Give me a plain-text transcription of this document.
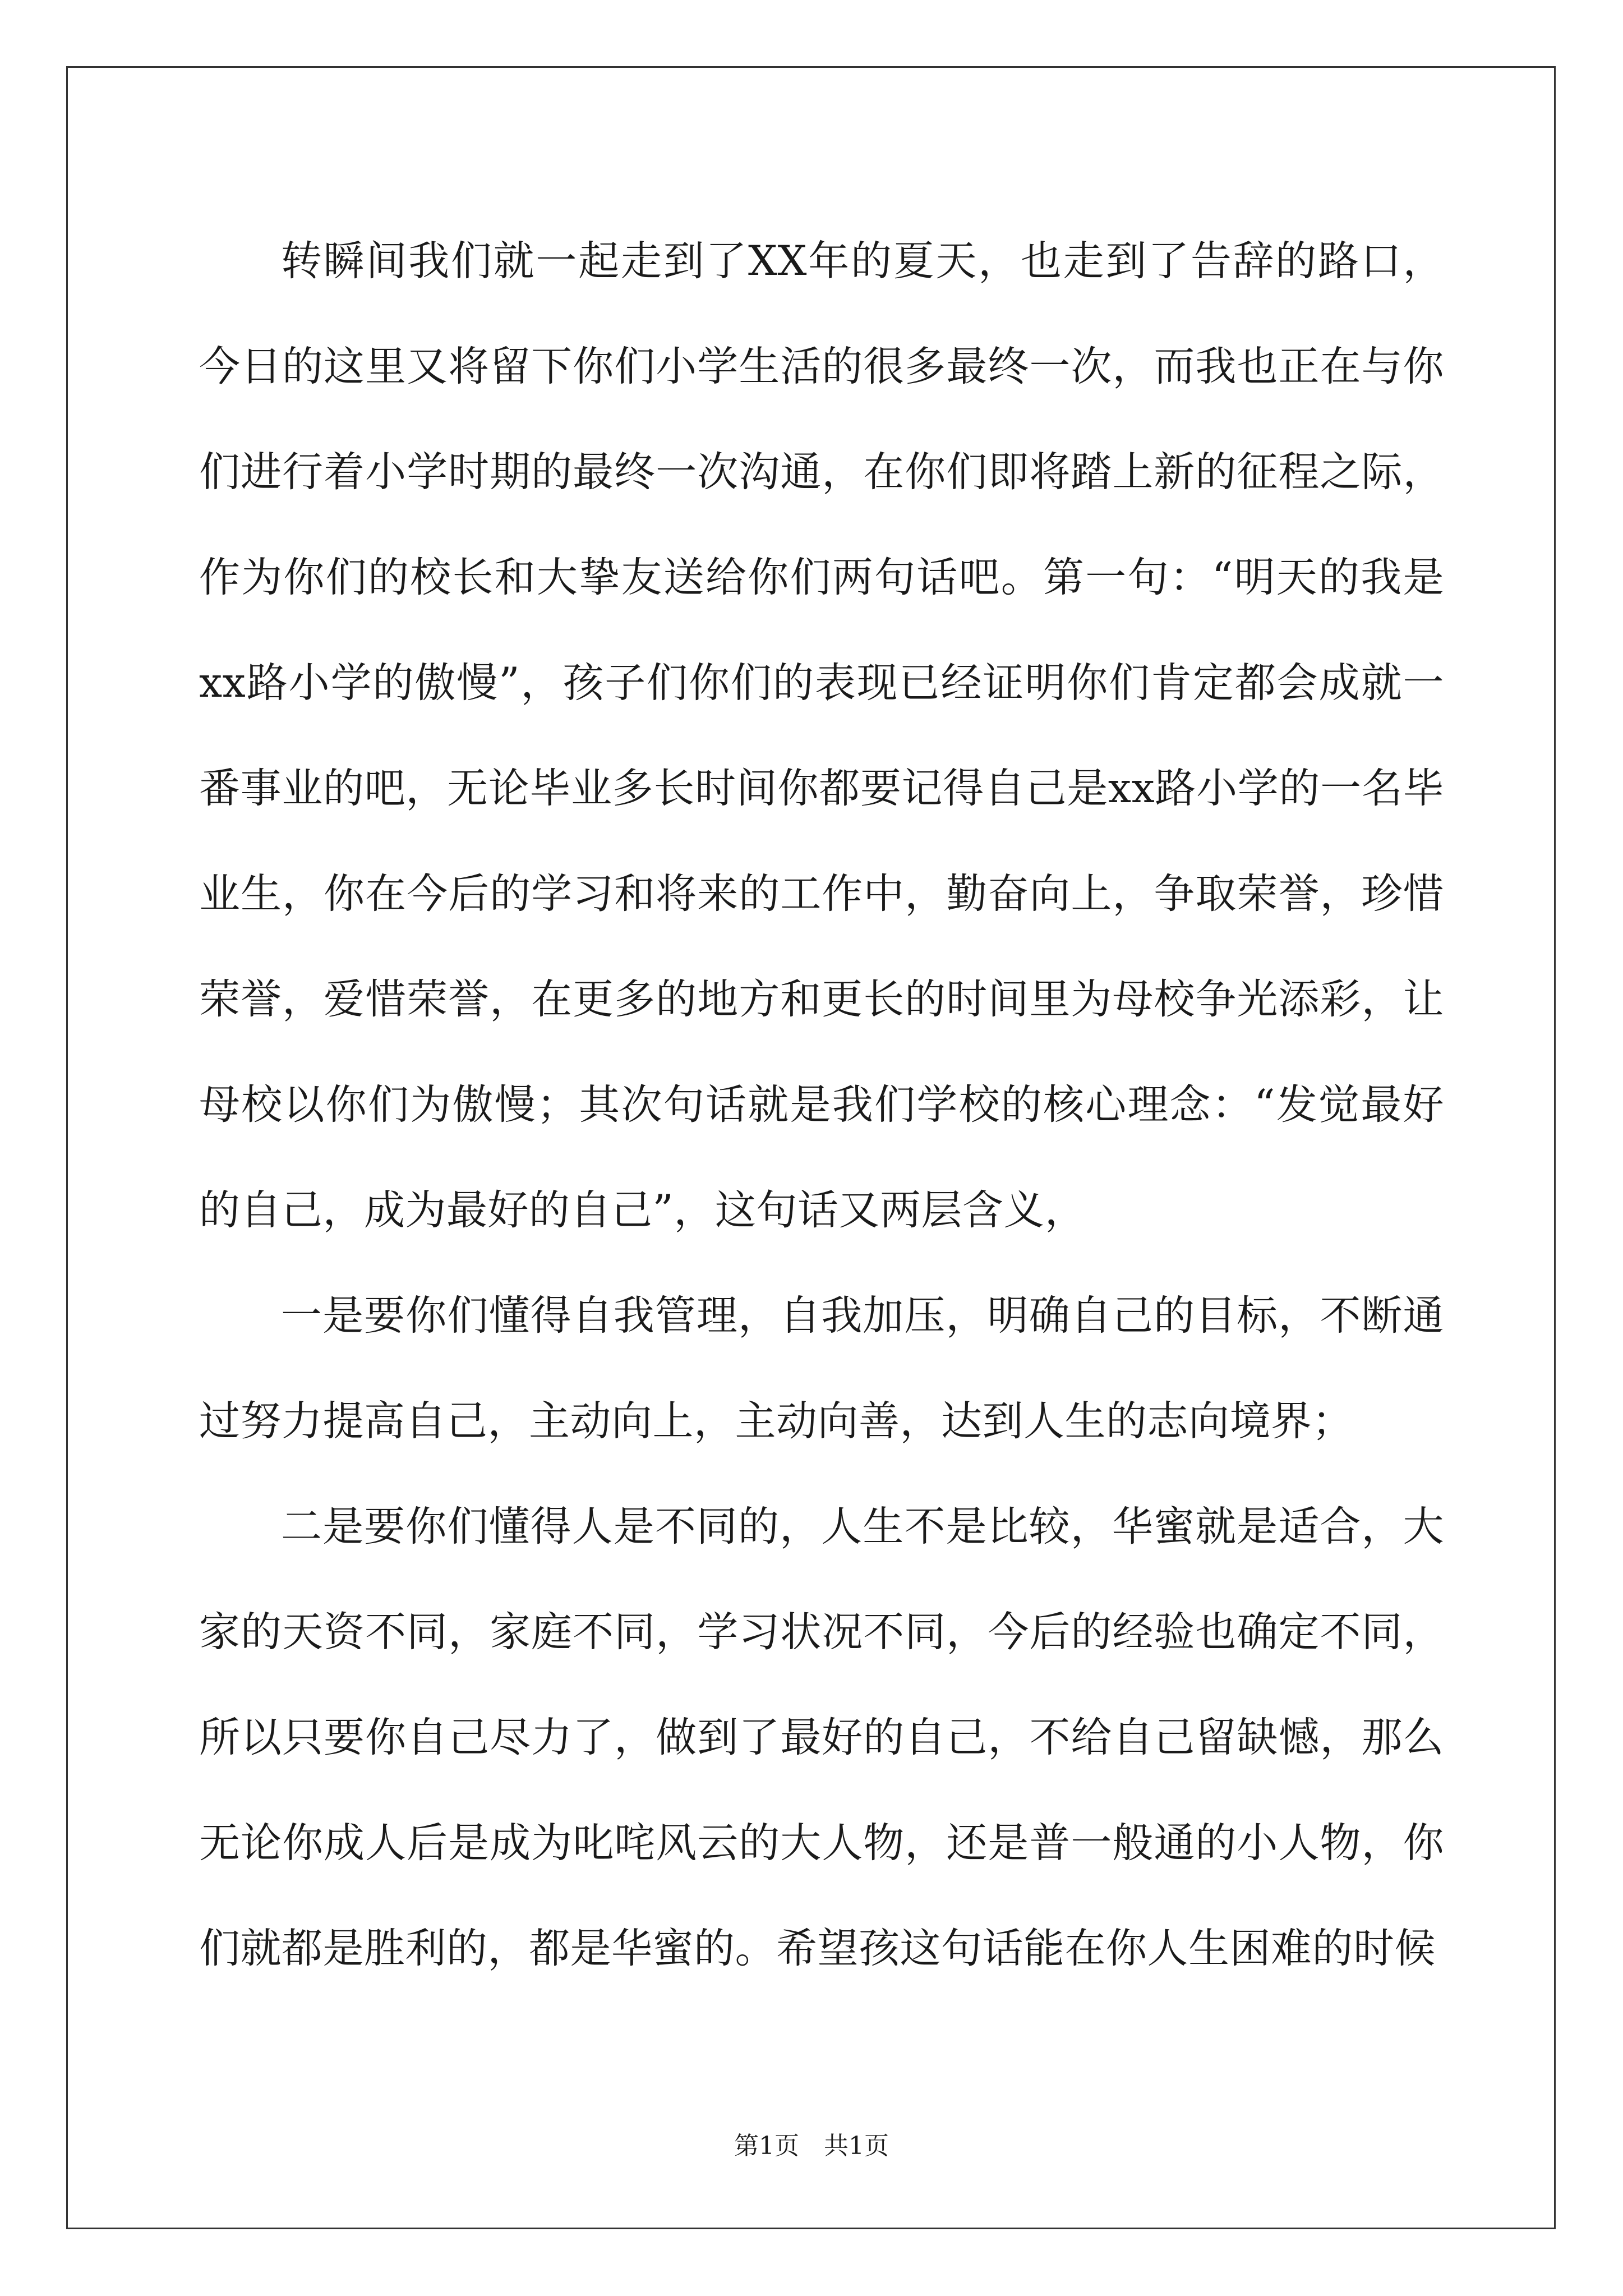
转瞬间我们就一起走到了XX年的夏天，也走到了告辞的路口，今日的这里又将留下你们小学生活的很多最终一次，而我也正在与你们进行着小学时期的最终一次沟通，在你们即将踏上新的征程之际，作为你们的校长和大挚友送给你们两句话吧。第一句：“明天的我是xx路小学的傲慢”，孩子们你们的表现已经证明你们肯定都会成就一番事业的吧，无论毕业多长时间你都要记得自己是xx路小学的一名毕业生，你在今后的学习和将来的工作中，勤奋向上，争取荣誉，珍惜荣誉，爱惜荣誉，在更多的地方和更长的时间里为母校争光添彩，让母校以你们为傲慢；其次句话就是我们学校的核心理念：“发觉最好的自己，成为最好的自己”，这句话又两层含义，

一是要你们懂得自我管理，自我加压，明确自己的目标，不断通过努力提高自己，主动向上，主动向善，达到人生的志向境界；

二是要你们懂得人是不同的，人生不是比较，华蜜就是适合，大家的天资不同，家庭不同，学习状况不同，今后的经验也确定不同，所以只要你自己尽力了，做到了最好的自己，不给自己留缺憾，那么无论你成人后是成为叱咤风云的大人物，还是普一般通的小人物，你们就都是胜利的，都是华蜜的。希望孩这句话能在你人生困难的时候

第1页 共1页
